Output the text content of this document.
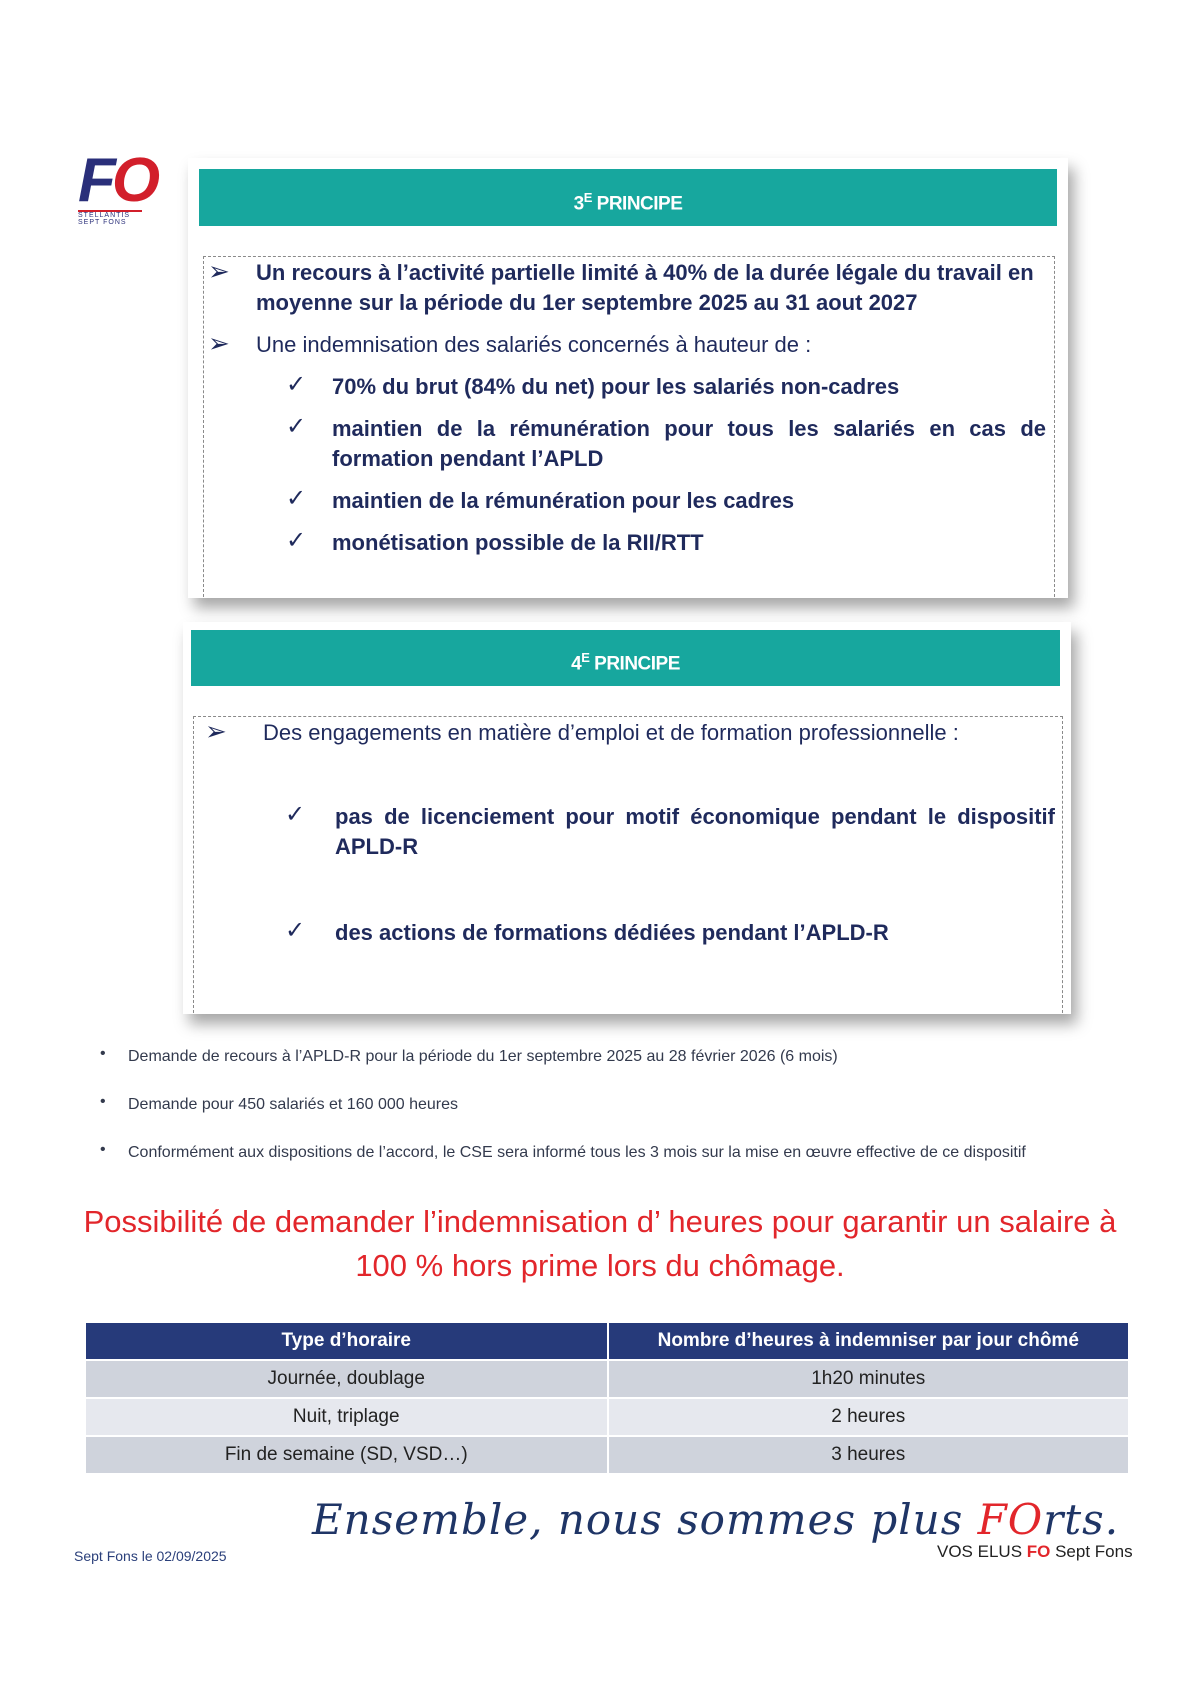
FO
STELLANTIS SEPT FONS
$3^E$ PRINCIPE
➢ Un recours à l’activité partielle limité à 40% de la durée légale du travail en moyenne sur la période du 1er septembre 2025 au 31 aout 2027
➢ Une indemnisation des salariés concernés à hauteur de :
✓ 70% du brut (84% du net) pour les salariés non-cadres
✓ maintien de la rémunération pour tous les salariés en cas de formation pendant l’APLD
✓ maintien de la rémunération pour les cadres
✓ monétisation possible de la RII/RTT
$4^E$ PRINCIPE
➢ Des engagements en matière d’emploi et de formation professionnelle :
✓ pas de licenciement pour motif économique pendant le dispositif APLD-R
✓ des actions de formations dédiées pendant l’APLD-R
• Demande de recours à l’APLD-R pour la période du 1er septembre 2025 au 28 février 2026 (6 mois)
• Demande pour 450 salariés et 160 000 heures
• Conformément aux dispositions de l’accord, le CSE sera informé tous les 3 mois sur la mise en œuvre effective de ce dispositif
Possibilité de demander l’indemnisation d’ heures pour garantir un salaire à 100 % hors prime lors du chômage.
Type d’horaire	Nombre d’heures à indemniser par jour chômé
Journée, doublage	1h20 minutes
Nuit, triplage	2 heures
Fin de semaine (SD, VSD…)	3 heures
Ensemble, nous sommes plus FOrts.
Sept Fons le 02/09/2025	VOS ELUS FO Sept Fons
